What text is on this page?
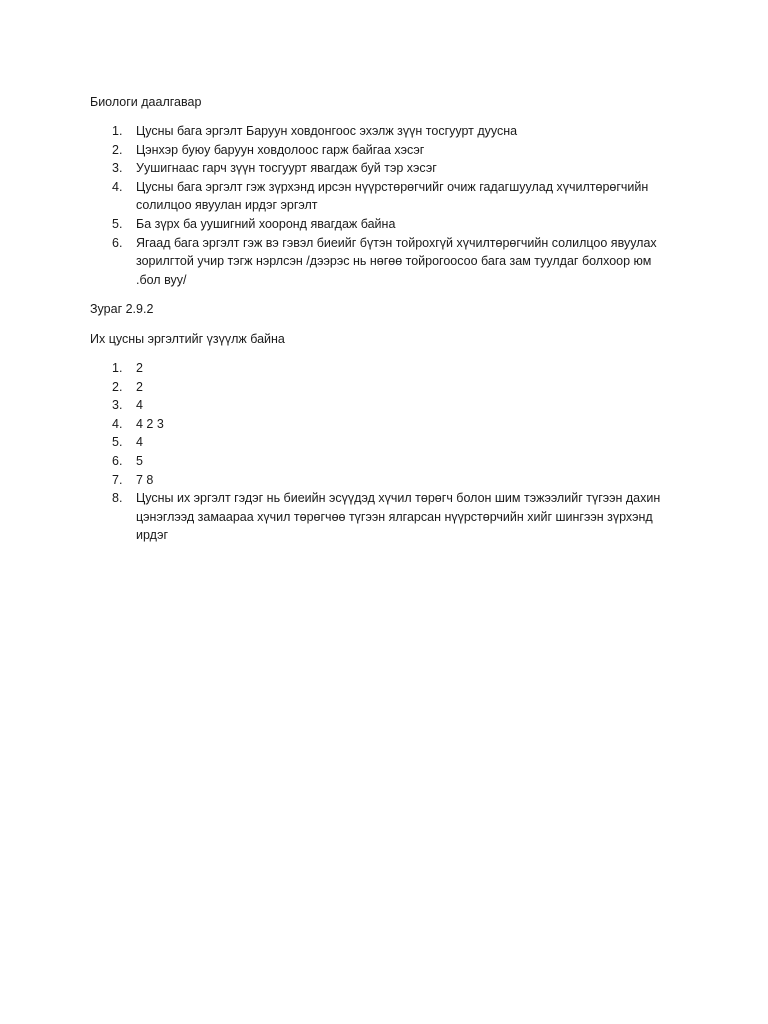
Биологи даалгавар

1.	Цусны бага эргэлт Баруун ховдонгоос эхэлж зүүн тосгуурт дуусна
2.	Цэнхэр буюу баруун ховдолоос гарж байгаа хэсэг
3.	Уушигнаас гарч зүүн тосгуурт явагдаж буй тэр хэсэг
4.	Цусны бага эргэлт гэж зүрхэнд ирсэн нүүрстөрөгчийг очиж гадагшуулад хүчилтөрөгчийн солилцоо явуулан ирдэг эргэлт
5.	Ба зүрх ба уушигний хооронд явагдаж байна
6.	Ягаад бага эргэлт гэж вэ гэвэл биеийг бүтэн тойрохгүй хүчилтөрөгчийн солилцоо явуулах зорилгтой учир тэгж нэрлсэн /дээрэс нь нөгөө тойрогоосоо бага зам туулдаг болхоор юм .бол вуу/

Зураг 2.9.2

Их цусны эргэлтийг үзүүлж байна

1.	2
2.	2
3.	4
4.	4 2 3
5.	4
6.	5
7.	7 8
8.	Цусны их эргэлт гэдэг нь биеийн эсүүдэд хүчил төрөгч болон шим тэжээлийг түгээн дахин цэнэглээд замаараа хүчил төрөгчөө түгээн ялгарсан нүүрстөрчийн хийг шингээн зүрхэнд ирдэг
